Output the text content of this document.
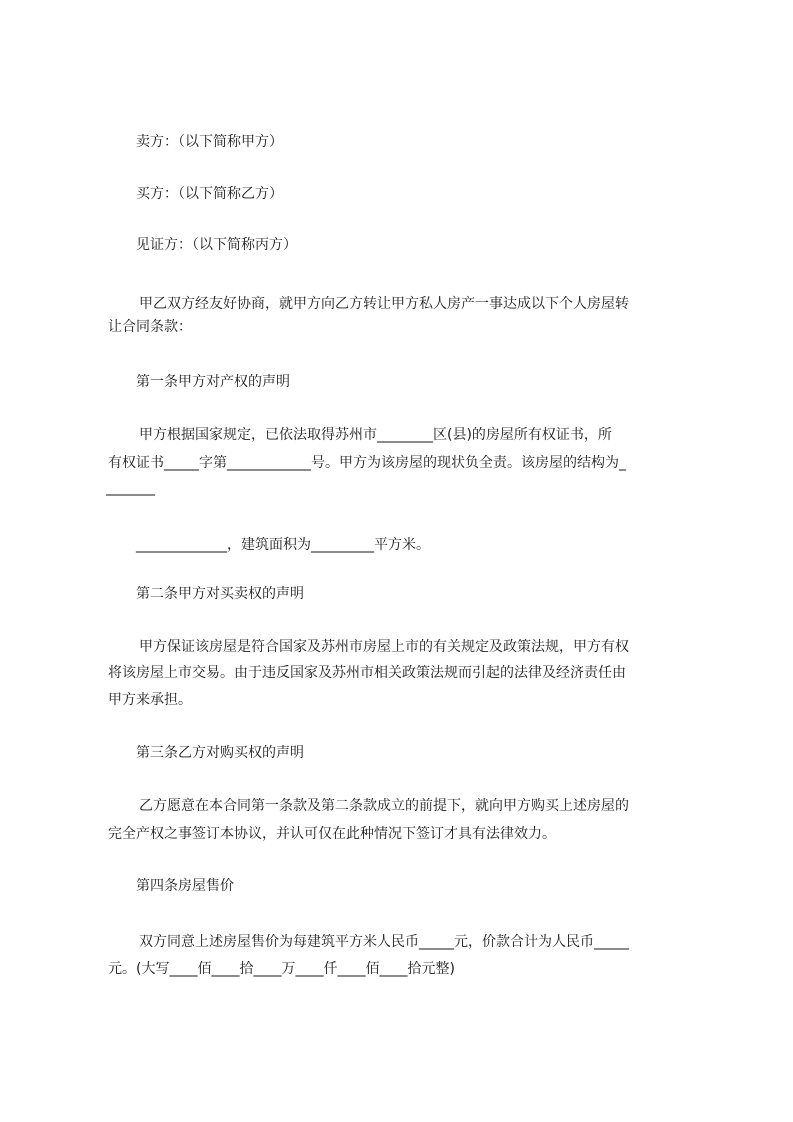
卖方：（以下简称甲方）
买方：（以下简称乙方）
见证方：（以下简称丙方）
甲乙双方经友好协商，就甲方向乙方转让甲方私人房产一事达成以下个人房屋转
让合同条款：
第一条甲方对产权的声明
甲方根据国家规定，已依法取得苏州市________区(县)的房屋所有权证书，所
有权证书_____字第____________号。甲方为该房屋的现状负全责。该房屋的结构为_
_______
_____________，建筑面积为_________平方米。
第二条甲方对买卖权的声明
甲方保证该房屋是符合国家及苏州市房屋上市的有关规定及政策法规，甲方有权
将该房屋上市交易。由于违反国家及苏州市相关政策法规而引起的法律及经济责任由
甲方来承担。
第三条乙方对购买权的声明
乙方愿意在本合同第一条款及第二条款成立的前提下，就向甲方购买上述房屋的
完全产权之事签订本协议，并认可仅在此种情况下签订才具有法律效力。
第四条房屋售价
双方同意上述房屋售价为每建筑平方米人民币_____元，价款合计为人民币_____
元。(大写____佰____拾____万____仟____佰____拾元整)
